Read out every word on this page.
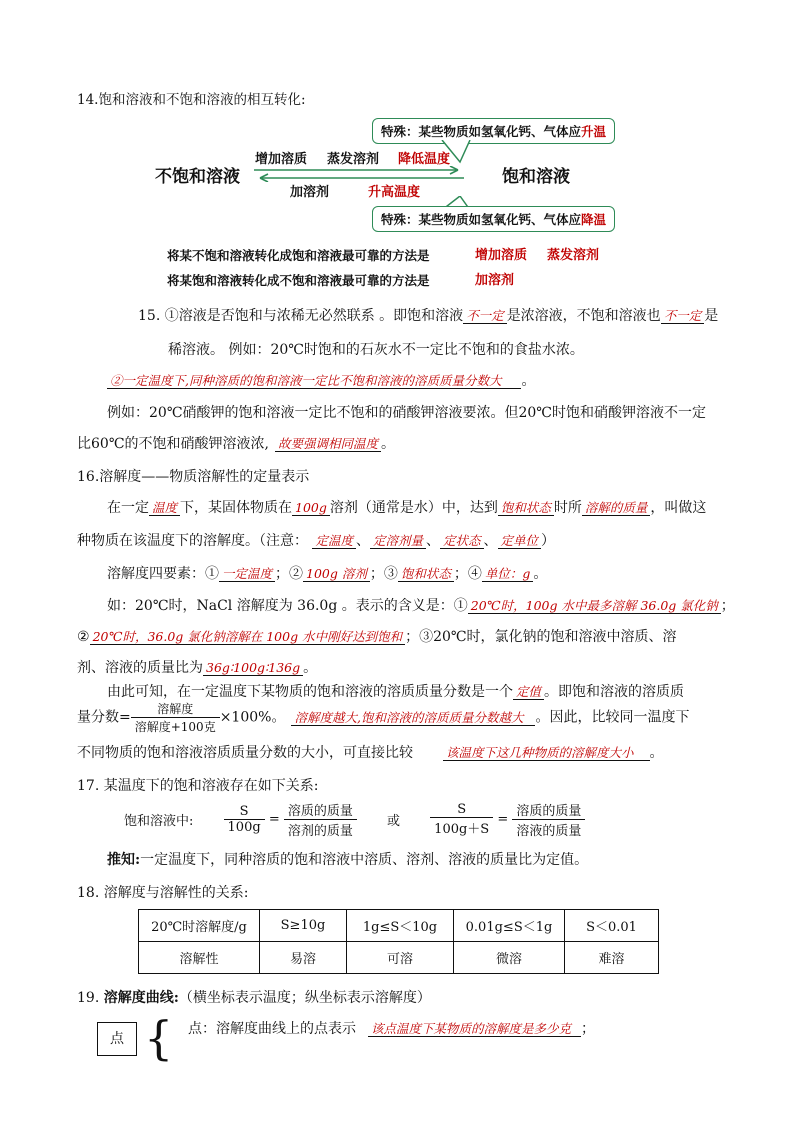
14.饱和溶液和不饱和溶液的相互转化:
特殊：某些物质如氢氧化钙、气体应升温
增加溶质 蒸发溶剂 降低温度
不饱和溶液	饱和溶液
加溶剂	升高温度
特殊：某些物质如氢氧化钙、气体应降温
将某不饱和溶液转化成饱和溶液最可靠的方法是	增加溶质 蒸发溶剂
将某饱和溶液转化成不饱和溶液最可靠的方法是	加溶剂
15. ①溶液是否饱和与浓稀无必然联系 。即饱和溶液 不一定 是浓溶液，不饱和溶液也 不一定 是
稀溶液。 例如：20℃时饱和的石灰水不一定比不饱和的食盐水浓。
②一定温度下,同种溶质的饱和溶液一定比不饱和溶液的溶质质量分数大 。
例如：20℃硝酸钾的饱和溶液一定比不饱和的硝酸钾溶液要浓。但20℃时饱和硝酸钾溶液不一定
比60℃的不饱和硝酸钾溶液浓, 故要强调相同温度 。
16.溶解度——物质溶解性的定量表示
在一定 温度 下，某固体物质在 100g 溶剂（通常是水）中，达到 饱和状态 时所 溶解的质量 ，叫做这
种物质在该温度下的溶解度。（注意： 定温度 、 定溶剂量 、 定状态 、 定单位 ）
溶解度四要素：① 一定温度 ；② 100g 溶剂 ；③ 饱和状态 ；④ 单位：g 。
如：20℃时，NaCl 溶解度为 36.0g 。表示的含义是：① 20℃时，100g 水中最多溶解 36.0g 氯化钠 ；
② 20℃时，36.0g 氯化钠溶解在 100g 水中刚好达到饱和 ；③20℃时，氯化钠的饱和溶液中溶质、溶
剂、溶液的质量比为 36g∶100g∶136g 。
由此可知，在一定温度下某物质的饱和溶液的溶质质量分数是一个 定值 。即饱和溶液的溶质质
量分数= $\frac{\text{溶解度}}{\text{溶解度+100克}} \times 100\%$。 溶解度越大,饱和溶液的溶质质量分数越大 。因此，比较同一温度下
不同物质的饱和溶液溶质质量分数的大小，可直接比较	该温度下这几种物质的溶解度大小 。
17. 某温度下的饱和溶液存在如下关系:
饱和溶液中: $\frac{S}{100g} = \frac{\text{溶质的质量}}{\text{溶剂的质量}}$ 或 $\frac{S}{100g+S} = \frac{\text{溶质的质量}}{\text{溶液的质量}}$
推知:一定温度下，同种溶质的饱和溶液中溶质、溶剂、溶液的质量比为定值。
18. 溶解度与溶解性的关系:
20℃时溶解度/g	S≥10g	1g≤S＜10g	0.01g≤S＜1g	S＜0.01
溶解性	易溶	可溶	微溶	难溶
19. 溶解度曲线:（横坐标表示温度；纵坐标表示溶解度）
点 { 点：溶解度曲线上的点表示 该点温度下某物质的溶解度是多少克 ；
